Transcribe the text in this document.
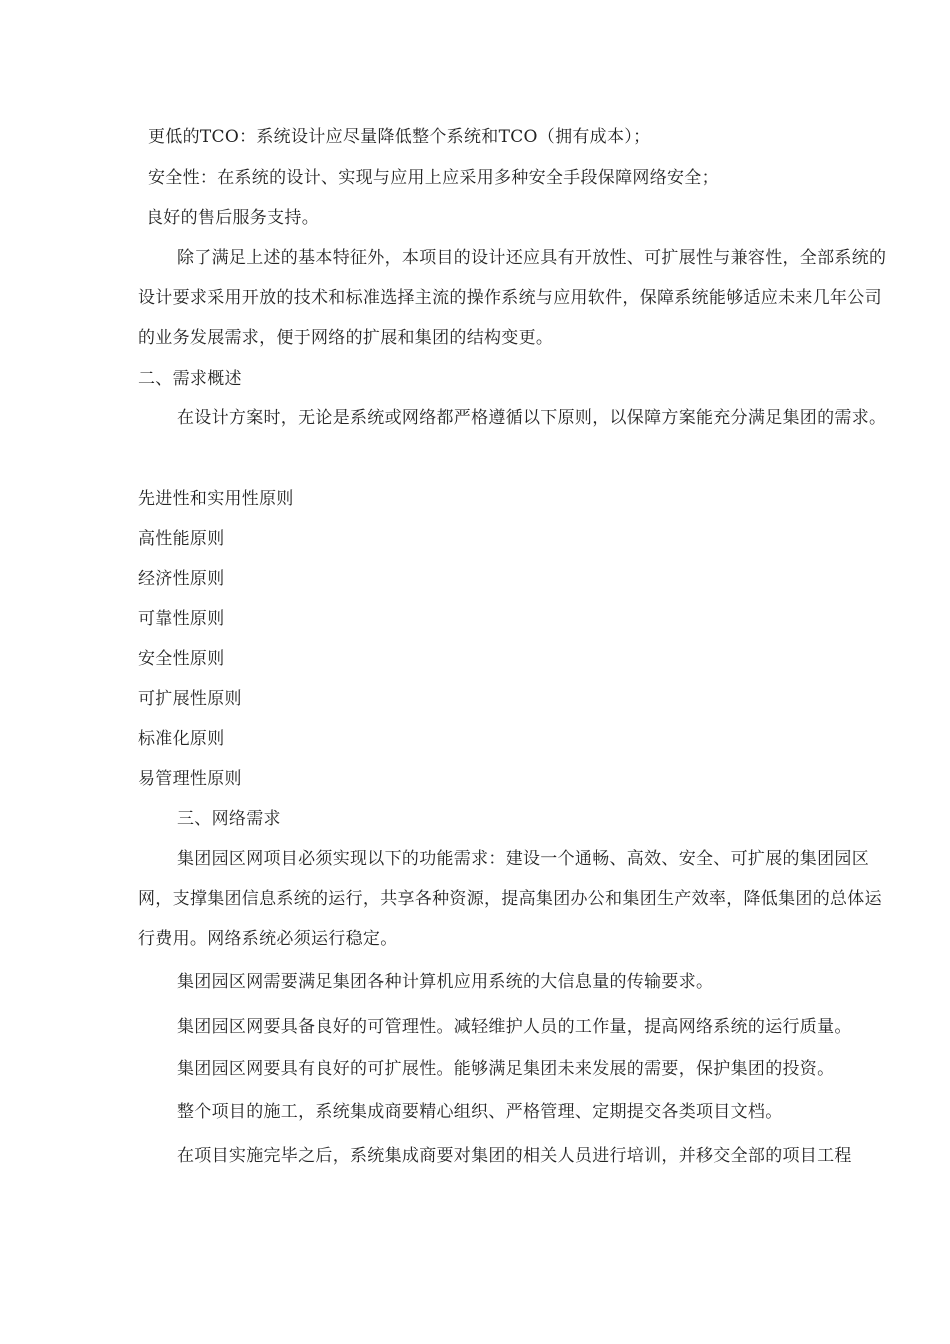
更低的TCO：系统设计应尽量降低整个系统和TCO（拥有成本）；
安全性：在系统的设计、实现与应用上应采用多种安全手段保障网络安全；
良好的售后服务支持。
除了满足上述的基本特征外，本项目的设计还应具有开放性、可扩展性与兼容性，全部系统的设计要求采用开放的技术和标准选择主流的操作系统与应用软件，保障系统能够适应未来几年公司的业务发展需求，便于网络的扩展和集团的结构变更。
二、需求概述
在设计方案时，无论是系统或网络都严格遵循以下原则，以保障方案能充分满足集团的需求。
先进性和实用性原则
高性能原则
经济性原则
可靠性原则
安全性原则
可扩展性原则
标准化原则
易管理性原则
三、网络需求
集团园区网项目必须实现以下的功能需求：建设一个通畅、高效、安全、可扩展的集团园区网，支撑集团信息系统的运行，共享各种资源，提高集团办公和集团生产效率，降低集团的总体运行费用。网络系统必须运行稳定。
集团园区网需要满足集团各种计算机应用系统的大信息量的传输要求。
集团园区网要具备良好的可管理性。减轻维护人员的工作量，提高网络系统的运行质量。
集团园区网要具有良好的可扩展性。能够满足集团未来发展的需要，保护集团的投资。
整个项目的施工，系统集成商要精心组织、严格管理、定期提交各类项目文档。
在项目实施完毕之后，系统集成商要对集团的相关人员进行培训，并移交全部的项目工程
